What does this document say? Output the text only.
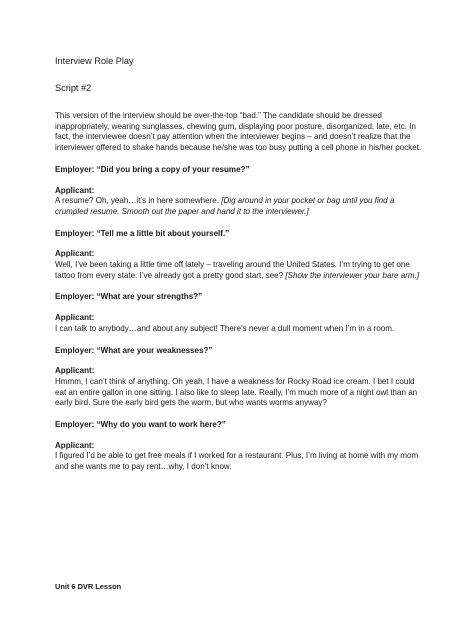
Interview Role Play

Script #2

This version of the interview should be over-the-top “bad.” The candidate should be dressed inappropriately, wearing sunglasses, chewing gum, displaying poor posture, disorganized, late, etc. In fact, the interviewee doesn’t pay attention when the interviewer begins – and doesn’t realize that the interviewer offered to shake hands because he/she was too busy putting a cell phone in his/her pocket.

Employer: “Did you bring a copy of your resume?”

Applicant:

A resume? Oh, yeah…it’s in here somewhere. [Dig around in your pocket or bag until you find a crumpled resume. Smooth out the paper and hand it to the interviewer.]

Employer: “Tell me a little bit about yourself.”

Applicant:

Well, I’ve been taking a little time off lately – traveling around the United States. I’m trying to get one tattoo from every state. I’ve already got a pretty good start, see? [Show the interviewer your bare arm.]

Employer: “What are your strengths?”

Applicant:

I can talk to anybody…and about any subject! There’s never a dull moment when I’m in a room.

Employer: “What are your weaknesses?”

Applicant:

Hmmm, I can’t think of anything. Oh yeah, I have a weakness for Rocky Road ice cream. I bet I could eat an entire gallon in one sitting. I also like to sleep late. Really, I’m much more of a night owl than an early bird. Sure the early bird gets the worm, but who wants worms anyway?

Employer: “Why do you want to work here?”

Applicant:

I figured I’d be able to get free meals if I worked for a restaurant. Plus, I’m living at home with my mom and she wants me to pay rent…why, I don’t know.

Unit 6 DVR Lesson
